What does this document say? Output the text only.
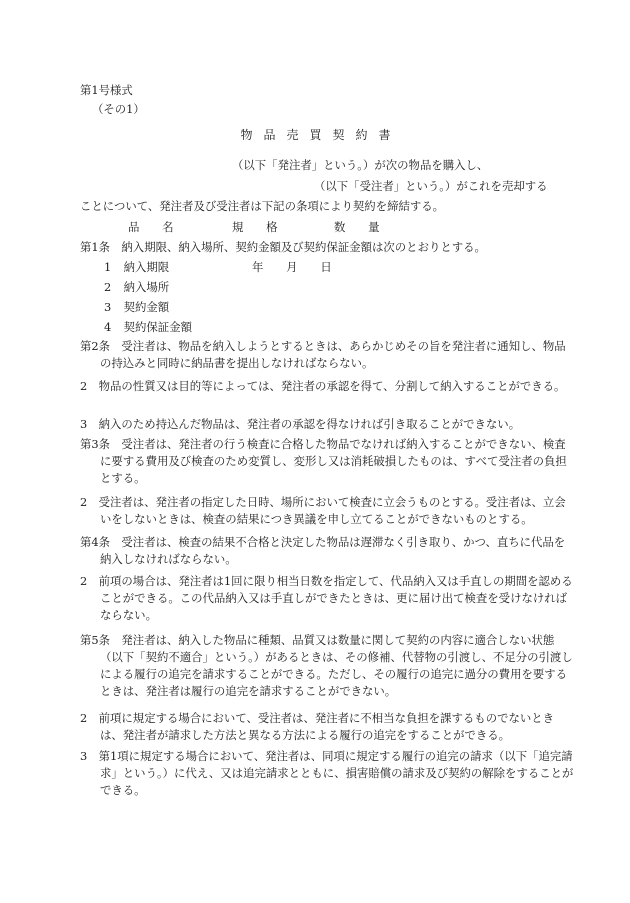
第1号様式
（その1）
物品売買契約書
（以下「発注者」という。）が次の物品を購入し、
（以下「受注者」という。）がこれを売却する
ことについて、発注者及び受注者は下記の条項により契約を締結する。
品　　名	規　　格	数　　量
第1条　納入期限、納入場所、契約金額及び契約保証金額は次のとおりとする。
1 納入期限	年　　月　　日
2 納入場所
3 契約金額
4 契約保証金額
第2条　受注者は、物品を納入しようとするときは、あらかじめその旨を発注者に通知し、物品の持込みと同時に納品書を提出しなければならない。
2　物品の性質又は目的等によっては、発注者の承認を得て、分割して納入することができる。
3　納入のため持込んだ物品は、発注者の承認を得なければ引き取ることができない。
第3条　受注者は、発注者の行う検査に合格した物品でなければ納入することができない、検査に要する費用及び検査のため変質し、変形し又は消耗破損したものは、すべて受注者の負担とする。
2　受注者は、発注者の指定した日時、場所において検査に立会うものとする。受注者は、立会いをしないときは、検査の結果につき異議を申し立てることができないものとする。
第4条　受注者は、検査の結果不合格と決定した物品は遅滞なく引き取り、かつ、直ちに代品を納入しなければならない。
2　前項の場合は、発注者は1回に限り相当日数を指定して、代品納入又は手直しの期間を認めることができる。この代品納入又は手直しができたときは、更に届け出て検査を受けなければならない。
第5条　発注者は、納入した物品に種類、品質又は数量に関して契約の内容に適合しない状態（以下「契約不適合」という。）があるときは、その修補、代替物の引渡し、不足分の引渡しによる履行の追完を請求することができる。ただし、その履行の追完に過分の費用を要するときは、発注者は履行の追完を請求することができない。
2　前項に規定する場合において、受注者は、発注者に不相当な負担を課するものでないときは、発注者が請求した方法と異なる方法による履行の追完をすることができる。
3　第1項に規定する場合において、発注者は、同項に規定する履行の追完の請求（以下「追完請求」という。）に代え、又は追完請求とともに、損害賠償の請求及び契約の解除をすることができる。
